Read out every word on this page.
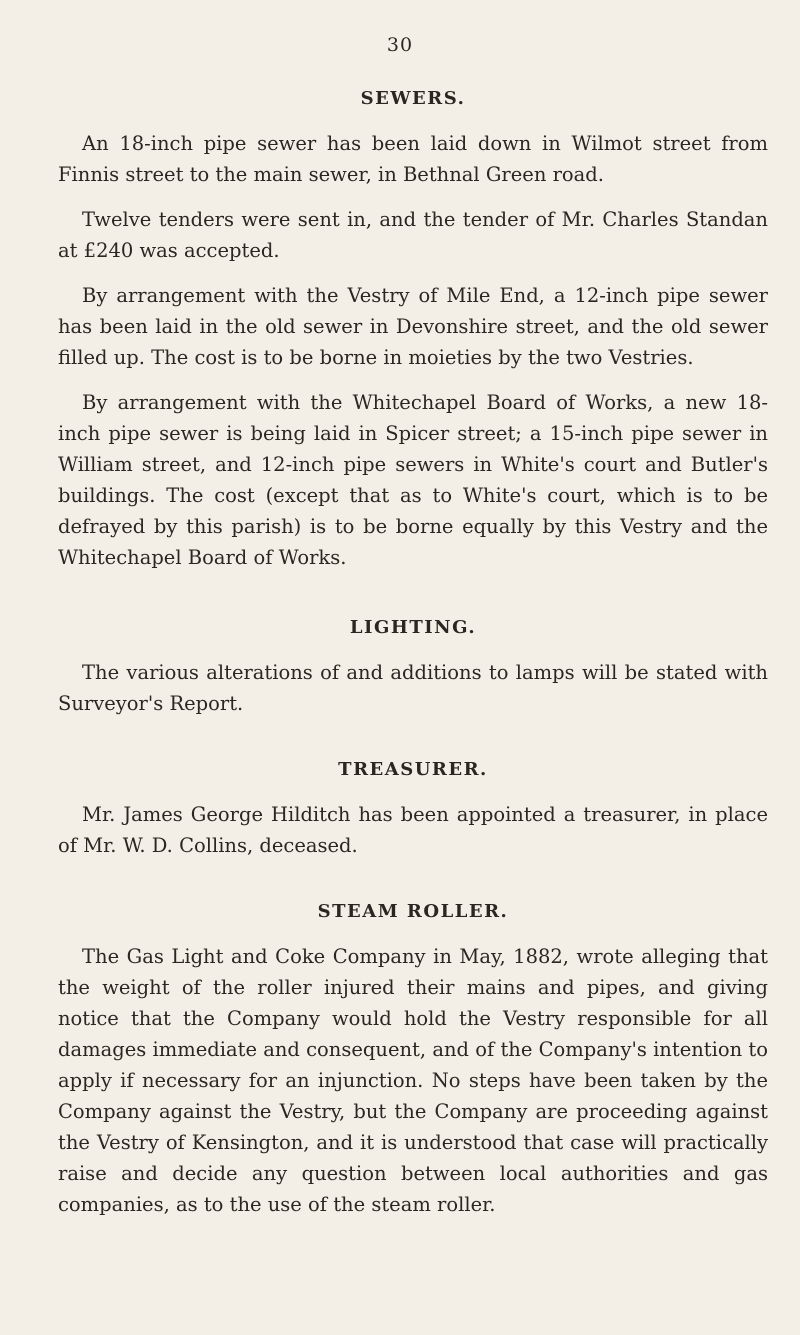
30
SEWERS.

An 18-inch pipe sewer has been laid down in Wilmot street from Finnis street to the main sewer, in Bethnal Green road.

Twelve tenders were sent in, and the tender of Mr. Charles Standan at £240 was accepted.

By arrangement with the Vestry of Mile End, a 12-inch pipe sewer has been laid in the old sewer in Devonshire street, and the old sewer filled up. The cost is to be borne in moieties by the two Vestries.

By arrangement with the Whitechapel Board of Works, a new 18-inch pipe sewer is being laid in Spicer street; a 15-inch pipe sewer in William street, and 12-inch pipe sewers in White's court and Butler's buildings. The cost (except that as to White's court, which is to be defrayed by this parish) is to be borne equally by this Vestry and the Whitechapel Board of Works.

LIGHTING.

The various alterations of and additions to lamps will be stated with Surveyor's Report.

TREASURER.

Mr. James George Hilditch has been appointed a treasurer, in place of Mr. W. D. Collins, deceased.

STEAM ROLLER.

The Gas Light and Coke Company in May, 1882, wrote alleging that the weight of the roller injured their mains and pipes, and giving notice that the Company would hold the Vestry responsible for all damages immediate and consequent, and of the Company's intention to apply if necessary for an injunction. No steps have been taken by the Company against the Vestry, but the Company are proceeding against the Vestry of Kensington, and it is understood that case will practically raise and decide any question between local authorities and gas companies, as to the use of the steam roller.
